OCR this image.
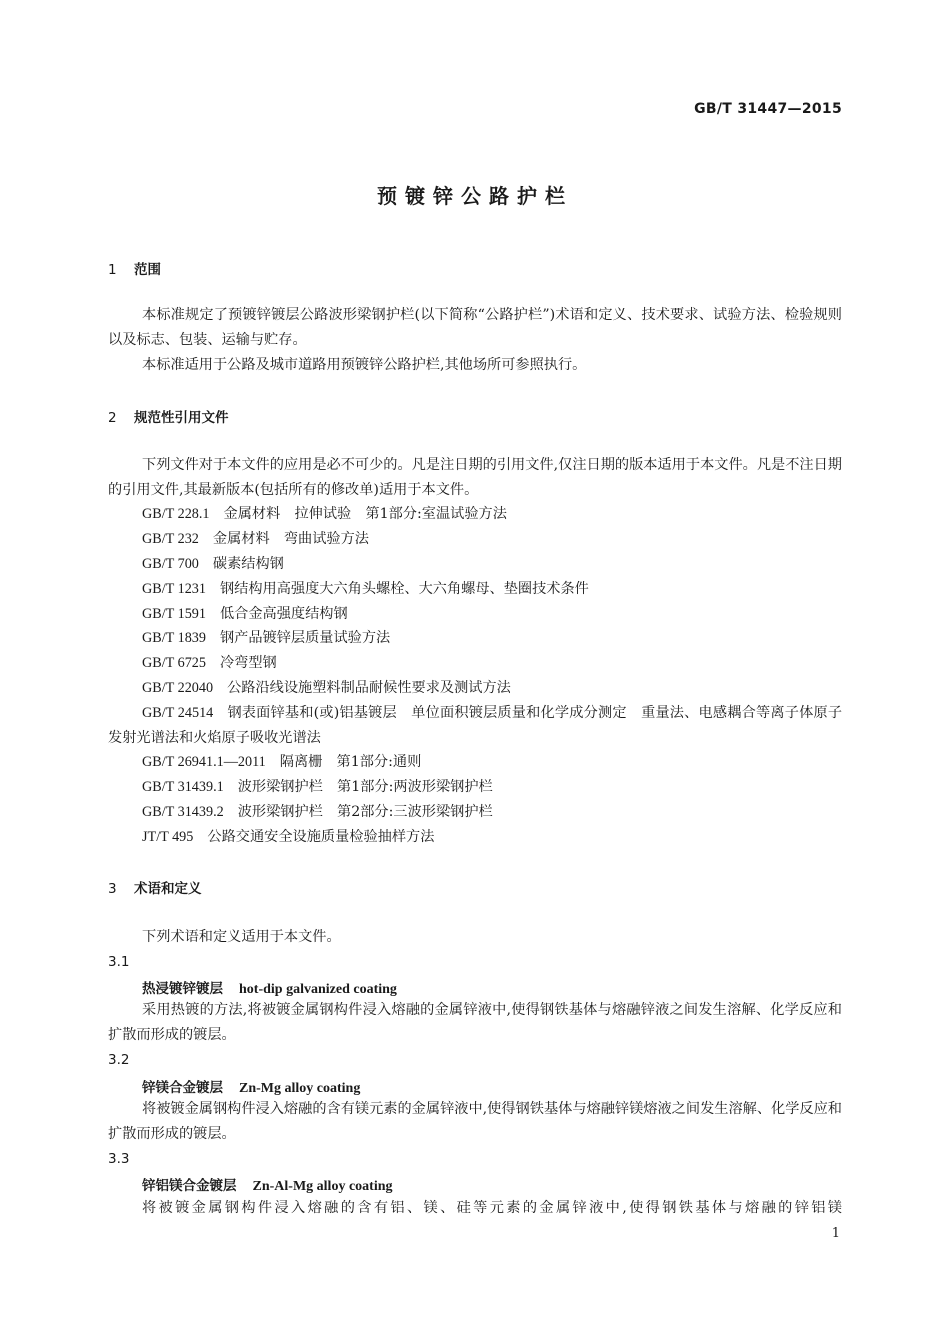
GB/T 31447—2015
预镀锌公路护栏
1 范围
本标准规定了预镀锌镀层公路波形梁钢护栏(以下简称“公路护栏”)术语和定义、技术要求、试验方法、检验规则以及标志、包装、运输与贮存。
本标准适用于公路及城市道路用预镀锌公路护栏,其他场所可参照执行。
2 规范性引用文件
下列文件对于本文件的应用是必不可少的。凡是注日期的引用文件,仅注日期的版本适用于本文件。凡是不注日期的引用文件,其最新版本(包括所有的修改单)适用于本文件。
GB/T 228.1 金属材料　拉伸试验　第1部分:室温试验方法
GB/T 232 金属材料　弯曲试验方法
GB/T 700 碳素结构钢
GB/T 1231 钢结构用高强度大六角头螺栓、大六角螺母、垫圈技术条件
GB/T 1591 低合金高强度结构钢
GB/T 1839 钢产品镀锌层质量试验方法
GB/T 6725 冷弯型钢
GB/T 22040 公路沿线设施塑料制品耐候性要求及测试方法
GB/T 24514 钢表面锌基和(或)铝基镀层　单位面积镀层质量和化学成分测定　重量法、电感耦合等离子体原子发射光谱法和火焰原子吸收光谱法
GB/T 26941.1—2011 隔离栅　第1部分:通则
GB/T 31439.1 波形梁钢护栏　第1部分:两波形梁钢护栏
GB/T 31439.2 波形梁钢护栏　第2部分:三波形梁钢护栏
JT/T 495 公路交通安全设施质量检验抽样方法
3 术语和定义
下列术语和定义适用于本文件。
3.1
热浸镀锌镀层 hot-dip galvanized coating
采用热镀的方法,将被镀金属钢构件浸入熔融的金属锌液中,使得钢铁基体与熔融锌液之间发生溶解、化学反应和扩散而形成的镀层。
3.2
锌镁合金镀层 Zn-Mg alloy coating
将被镀金属钢构件浸入熔融的含有镁元素的金属锌液中,使得钢铁基体与熔融锌镁熔液之间发生溶解、化学反应和扩散而形成的镀层。
3.3
锌铝镁合金镀层 Zn-Al-Mg alloy coating
将被镀金属钢构件浸入熔融的含有铝、镁、硅等元素的金属锌液中,使得钢铁基体与熔融的锌铝镁
1
